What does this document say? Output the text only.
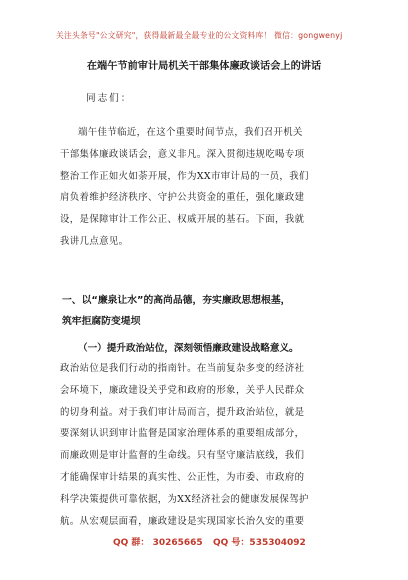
关注头条号"公文研究"，获得最新最全最专业的公文资料库！ 微信：gongwenyj
在端午节前审计局机关干部集体廉政谈话会上的讲话
同志们：
端午佳节临近，在这个重要时间节点，我们召开机关
干部集体廉政谈话会，意义非凡。深入贯彻违规吃喝专项
整治工作正如火如荼开展，作为XX市审计局的一员，我们
肩负着维护经济秩序、守护公共资金的重任，强化廉政建
设，是保障审计工作公正、权威开展的基石。下面，我就
我讲几点意见。
一、以“廉泉让水”的高尚品德，夯实廉政思想根基，
筑牢拒腐防变堤坝
（一）提升政治站位，深刻领悟廉政建设战略意义。
政治站位是我们行动的指南针。在当前复杂多变的经济社
会环境下，廉政建设关乎党和政府的形象，关乎人民群众
的切身利益。对于我们审计局而言，提升政治站位，就是
要深刻认识到审计监督是国家治理体系的重要组成部分，
而廉政则是审计监督的生命线。只有坚守廉洁底线，我们
才能确保审计结果的真实性、公正性，为市委、市政府的
科学决策提供可靠依据，为XX经济社会的健康发展保驾护
航。从宏观层面看，廉政建设是实现国家长治久安的重要
QQ 群： 30265665 QQ 号：535304092
